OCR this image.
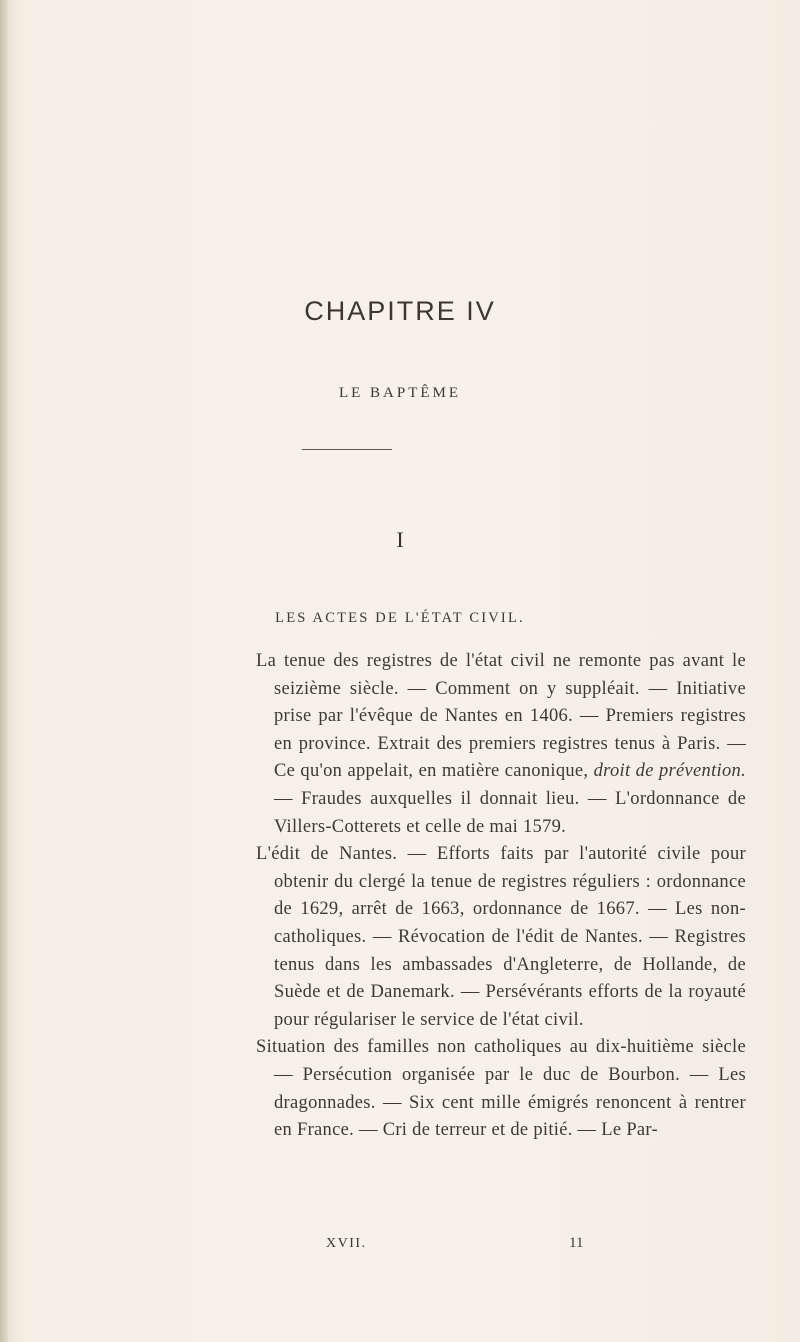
CHAPITRE IV
LE BAPTÊME
I
LES ACTES DE L'ÉTAT CIVIL.

La tenue des registres de l'état civil ne remonte pas avant le seizième siècle. — Comment on y suppléait. — Initiative prise par l'évêque de Nantes en 1406. — Premiers registres en province. Extrait des premiers registres tenus à Paris. — Ce qu'on appelait, en matière canonique, droit de prévention. — Fraudes auxquelles il donnait lieu. — L'ordonnance de Villers-Cotterets et celle de mai 1579.

L'édit de Nantes. — Efforts faits par l'autorité civile pour obtenir du clergé la tenue de registres réguliers : ordonnance de 1629, arrêt de 1663, ordonnance de 1667. — Les non-catholiques. — Révocation de l'édit de Nantes. — Registres tenus dans les ambassades d'Angleterre, de Hollande, de Suède et de Danemark. — Persévérants efforts de la royauté pour régulariser le service de l'état civil.

Situation des familles non catholiques au dix-huitième siècle — Persécution organisée par le duc de Bourbon. — Les dragonnades. — Six cent mille émigrés renoncent à rentrer en France. — Cri de terreur et de pitié. — Le Par-

XVII.	11
